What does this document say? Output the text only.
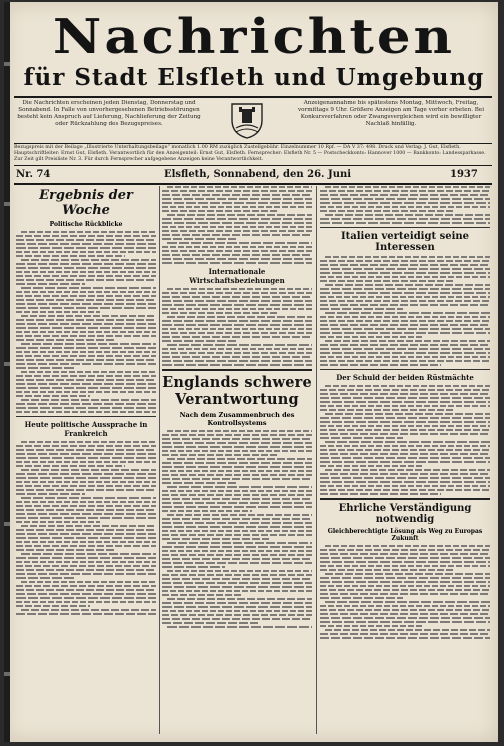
Nachrichten
für Stadt Elsfleth und Umgebung
Die Nachrichten erscheinen jeden Dienstag, Donnerstag und Sonnabend. In Falle von unvorhergesehenen Betriebsstörungen besteht kein Anspruch auf Lieferung, Nachlieferung der Zeitung oder Rückzahlung des Bezugspreises.
Anzeigenannahme bis spätestens Montag, Mittwoch, Freitag, vormittags 9 Uhr. Größere Anzeigen am Tage vorher erbeten. Bei Konkursverfahren oder Zwangsvergleichen wird ein bewilligter Nachlaß hinfällig.
Bezugspreis mit der Beilage „Illustrierte Unterhaltungsbeilage“ monatlich 1.00 RM zuzüglich Zustellgebühr. Einzelnummer 10 Rpf. — DA V 37: 498. Druck und Verlag: J. Gut, Elsfleth. Hauptschriftleiter: Ernst Gut, Elsfleth. Verantwortlich für den Anzeigenteil: Ernst Gut, Elsfleth. Fernsprecher: Elsfleth Nr. 5 — Postscheckkonto: Hannover 1000 — Bankkonto: Landessparkasse. Zur Zeit gilt Preisliste Nr. 3. Für durch Fernsprecher aufgegebene Anzeigen keine Verantwortlichkeit.
Nr. 74	Elsfleth, Sonnabend, den 26. Juni	1937
Ergebnis der Woche
Politische Rückblicke
Heute politische Aussprache in Frankreich
Internationale Wirtschaftsbeziehungen
Englands schwere Verantwortung
Nach dem Zusammenbruch des Kontrollsystems
Italien verteidigt seine Interessen
Der Schuld der beiden Rüstmächte
Ehrliche Verständigung notwendig
Gleichberechtigte Lösung als Weg zu Europas Zukunft
